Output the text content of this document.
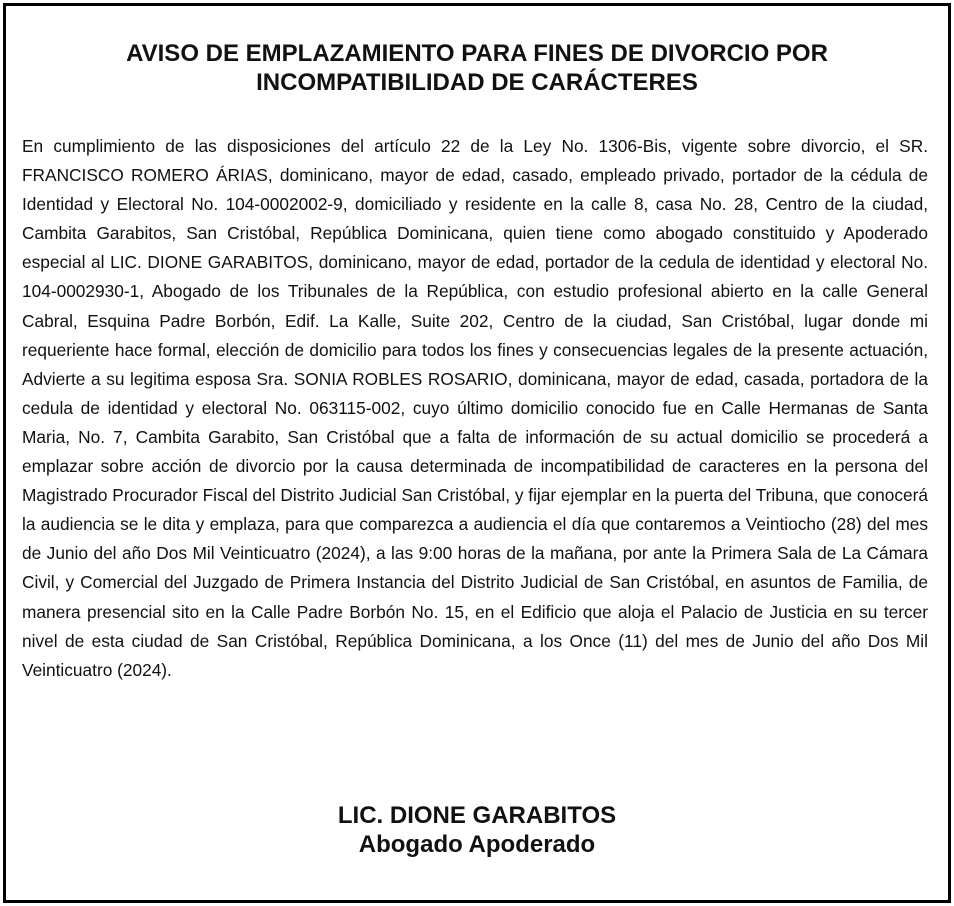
AVISO DE EMPLAZAMIENTO PARA FINES DE DIVORCIO POR
INCOMPATIBILIDAD DE CARÁCTERES

En cumplimiento de las disposiciones del artículo 22 de la Ley No. 1306-Bis, vigente sobre divorcio, el SR. FRANCISCO ROMERO ÁRIAS, dominicano, mayor de edad, casado, empleado privado, portador de la cédula de Identidad y Electoral No. 104-0002002-9, domiciliado y residente en la calle 8, casa No. 28, Centro de la ciudad, Cambita Garabitos, San Cristóbal, República Dominicana, quien tiene como abogado constituido y Apoderado especial al LIC. DIONE GARABITOS, dominicano, mayor de edad, portador de la cedula de identidad y electoral No. 104-0002930-1, Abogado de los Tribunales de la República, con estudio profesional abierto en la calle General Cabral, Esquina Padre Borbón, Edif. La Kalle, Suite 202, Centro de la ciudad, San Cristóbal, lugar donde mi requeriente hace formal, elección de domicilio para todos los fines y consecuencias legales de la presente actuación, Advierte a su legitima esposa Sra. SONIA ROBLES ROSARIO, dominicana, mayor de edad, casada, portadora de la cedula de identidad y electoral No. 063115-002, cuyo último domicilio conocido fue en Calle Hermanas de Santa Maria, No. 7, Cambita Garabito, San Cristóbal que a falta de información de su actual domicilio se procederá a emplazar sobre acción de divorcio por la causa determinada de incompatibilidad de caracteres en la persona del Magistrado Procurador Fiscal del Distrito Judicial San Cristóbal, y fijar ejemplar en la puerta del Tribuna, que conocerá la audiencia se le dita y emplaza, para que comparezca a audiencia el día que contaremos a Veintiocho (28) del mes de Junio del año Dos Mil Veinticuatro (2024), a las 9:00 horas de la mañana, por ante la Primera Sala de La Cámara Civil, y Comercial del Juzgado de Primera Instancia del Distrito Judicial de San Cristóbal, en asuntos de Familia, de manera presencial sito en la Calle Padre Borbón No. 15, en el Edificio que aloja el Palacio de Justicia en su tercer nivel de esta ciudad de San Cristóbal, República Dominicana, a los Once (11) del mes de Junio del año Dos Mil Veinticuatro (2024).

LIC. DIONE GARABITOS
Abogado Apoderado
